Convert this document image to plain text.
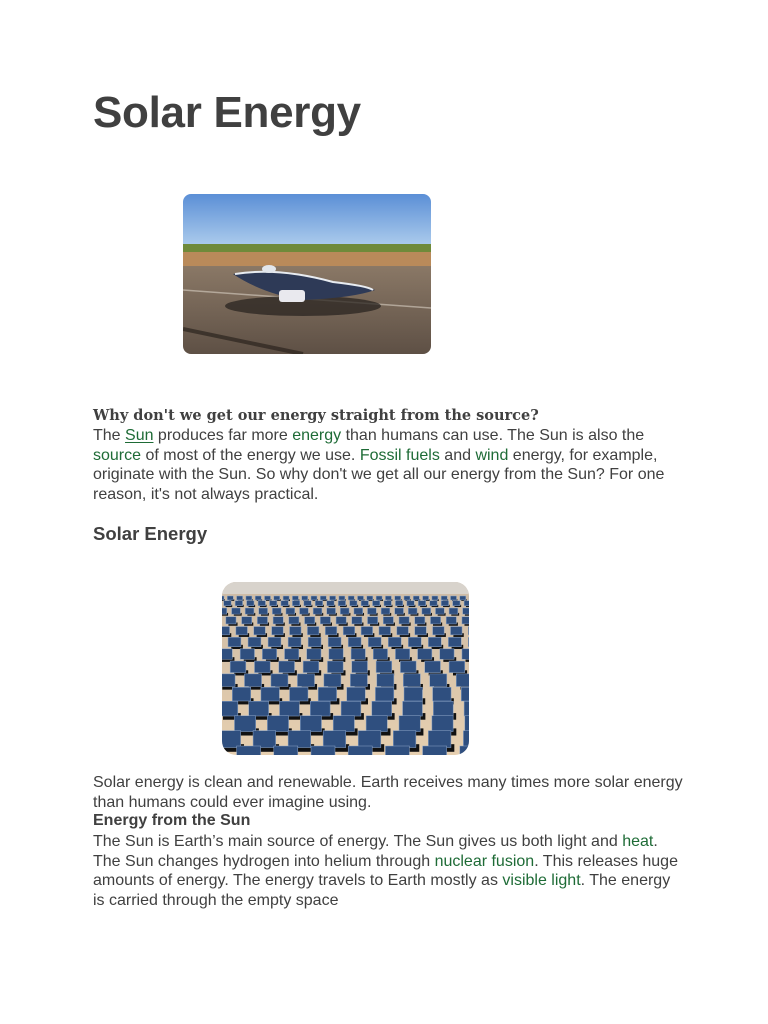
Solar Energy

Why don't we get our energy straight from the source?

The Sun produces far more energy than humans can use. The Sun is also the source of most of the energy we use. Fossil fuels and wind energy, for example, originate with the Sun. So why don't we get all our energy from the Sun? For one reason, it's not always practical.

Solar Energy

Solar energy is clean and renewable. Earth receives many times more solar energy than humans could ever imagine using.

Energy from the Sun

The Sun is Earth’s main source of energy. The Sun gives us both light and heat. The Sun changes hydrogen into helium through nuclear fusion. This releases huge amounts of energy. The energy travels to Earth mostly as visible light. The energy is carried through the empty space
